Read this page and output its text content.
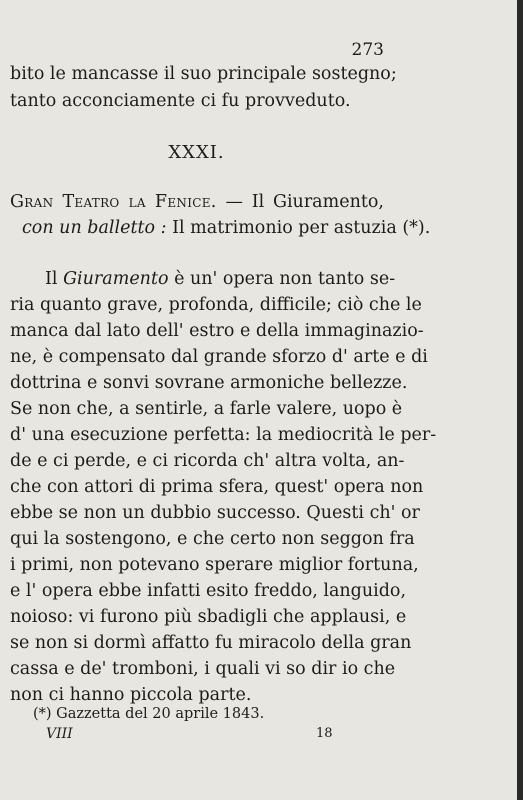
273
bito le mancasse il suo principale sostegno;
tanto acconciamente ci fu provveduto.
XXXI.
Gran Teatro la Fenice. — Il Giuramento,
con un balletto : Il matrimonio per astuzia (*).
Il Giuramento è un' opera non tanto se-
ria quanto grave, profonda, difficile; ciò che le
manca dal lato dell' estro e della immaginazio-
ne, è compensato dal grande sforzo d' arte e di
dottrina e sonvi sovrane armoniche bellezze.
Se non che, a sentirle, a farle valere, uopo è
d' una esecuzione perfetta: la mediocrità le per-
de e ci perde, e ci ricorda ch' altra volta, an-
che con attori di prima sfera, quest' opera non
ebbe se non un dubbio successo. Questi ch' or
qui la sostengono, e che certo non seggon fra
i primi, non potevano sperare miglior fortuna,
e l' opera ebbe infatti esito freddo, languido,
noioso: vi furono più sbadigli che applausi, e
se non si dormì affatto fu miracolo della gran
cassa e de' tromboni, i quali vi so dir io che
non ci hanno piccola parte.
(*) Gazzetta del 20 aprile 1843.
VIII	18
